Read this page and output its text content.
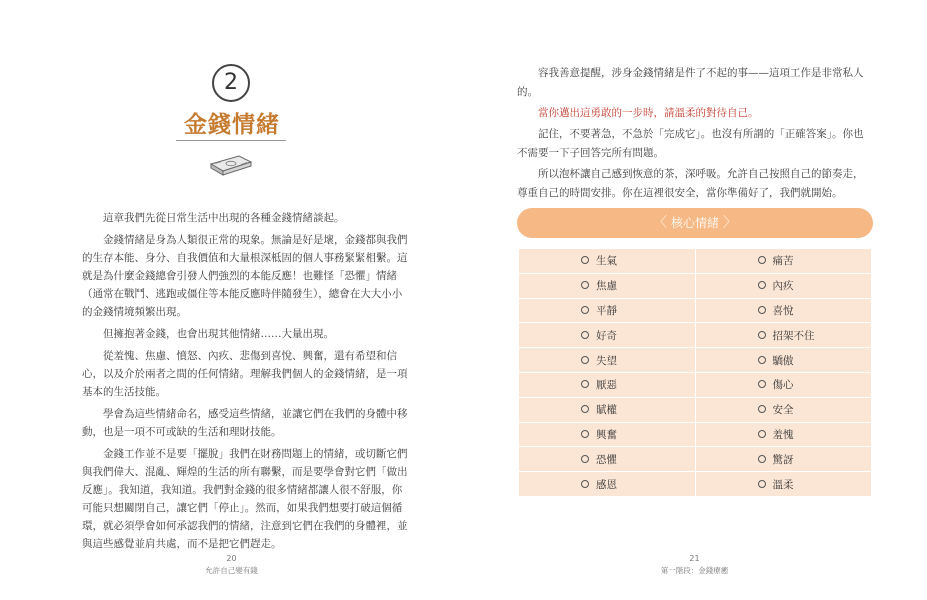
2
金錢情緒

這章我們先從日常生活中出現的各種金錢情緒談起。

金錢情緒是身為人類很正常的現象。無論是好是壞，金錢都與我們的生存本能、身分、自我價值和大量根深柢固的個人事務緊緊相繫。這就是為什麼金錢總會引發人們強烈的本能反應！也難怪「恐懼」情緒（通常在戰鬥、逃跑或僵住等本能反應時伴隨發生），總會在大大小小的金錢情境頻繁出現。

但擁抱著金錢，也會出現其他情緒……大量出現。

從羞愧、焦慮、憤怒、內疚、悲傷到喜悅、興奮，還有希望和信心，以及介於兩者之間的任何情緒。理解我們個人的金錢情緒，是一項基本的生活技能。

學會為這些情緒命名，感受這些情緒，並讓它們在我們的身體中移動，也是一項不可或缺的生活和理財技能。

金錢工作並不是要「擺脫」我們在財務問題上的情緒，或切斷它們與我們偉大、混亂、輝煌的生活的所有聯繫，而是要學會對它們「做出反應」。我知道，我知道。我們對金錢的很多情緒都讓人很不舒服，你可能只想關閉自己，讓它們「停止」。然而，如果我們想要打破這個循環，就必須學會如何承認我們的情緒，注意到它們在我們的身體裡，並與這些感覺並肩共處，而不是把它們趕走。

20
允許自己變有錢

容我善意提醒，涉身金錢情緒是件了不起的事——這項工作是非常私人的。

當你邁出這勇敢的一步時，請溫柔的對待自己。

記住，不要著急，不急於「完成它」。也沒有所謂的「正確答案」。你也不需要一下子回答完所有問題。

所以泡杯讓自己感到恢意的茶，深呼吸。允許自己按照自己的節奏走，尊重自己的時間安排。你在這裡很安全，當你準備好了，我們就開始。

〈 核心情緒 〉
生氣	痛苦
焦慮	內疚
平靜	喜悅
好奇	招架不住
失望	驕傲
厭惡	傷心
賦權	安全
興奮	羞愧
恐懼	驚訝
感恩	溫柔
21
第一階段：金錢療癒
